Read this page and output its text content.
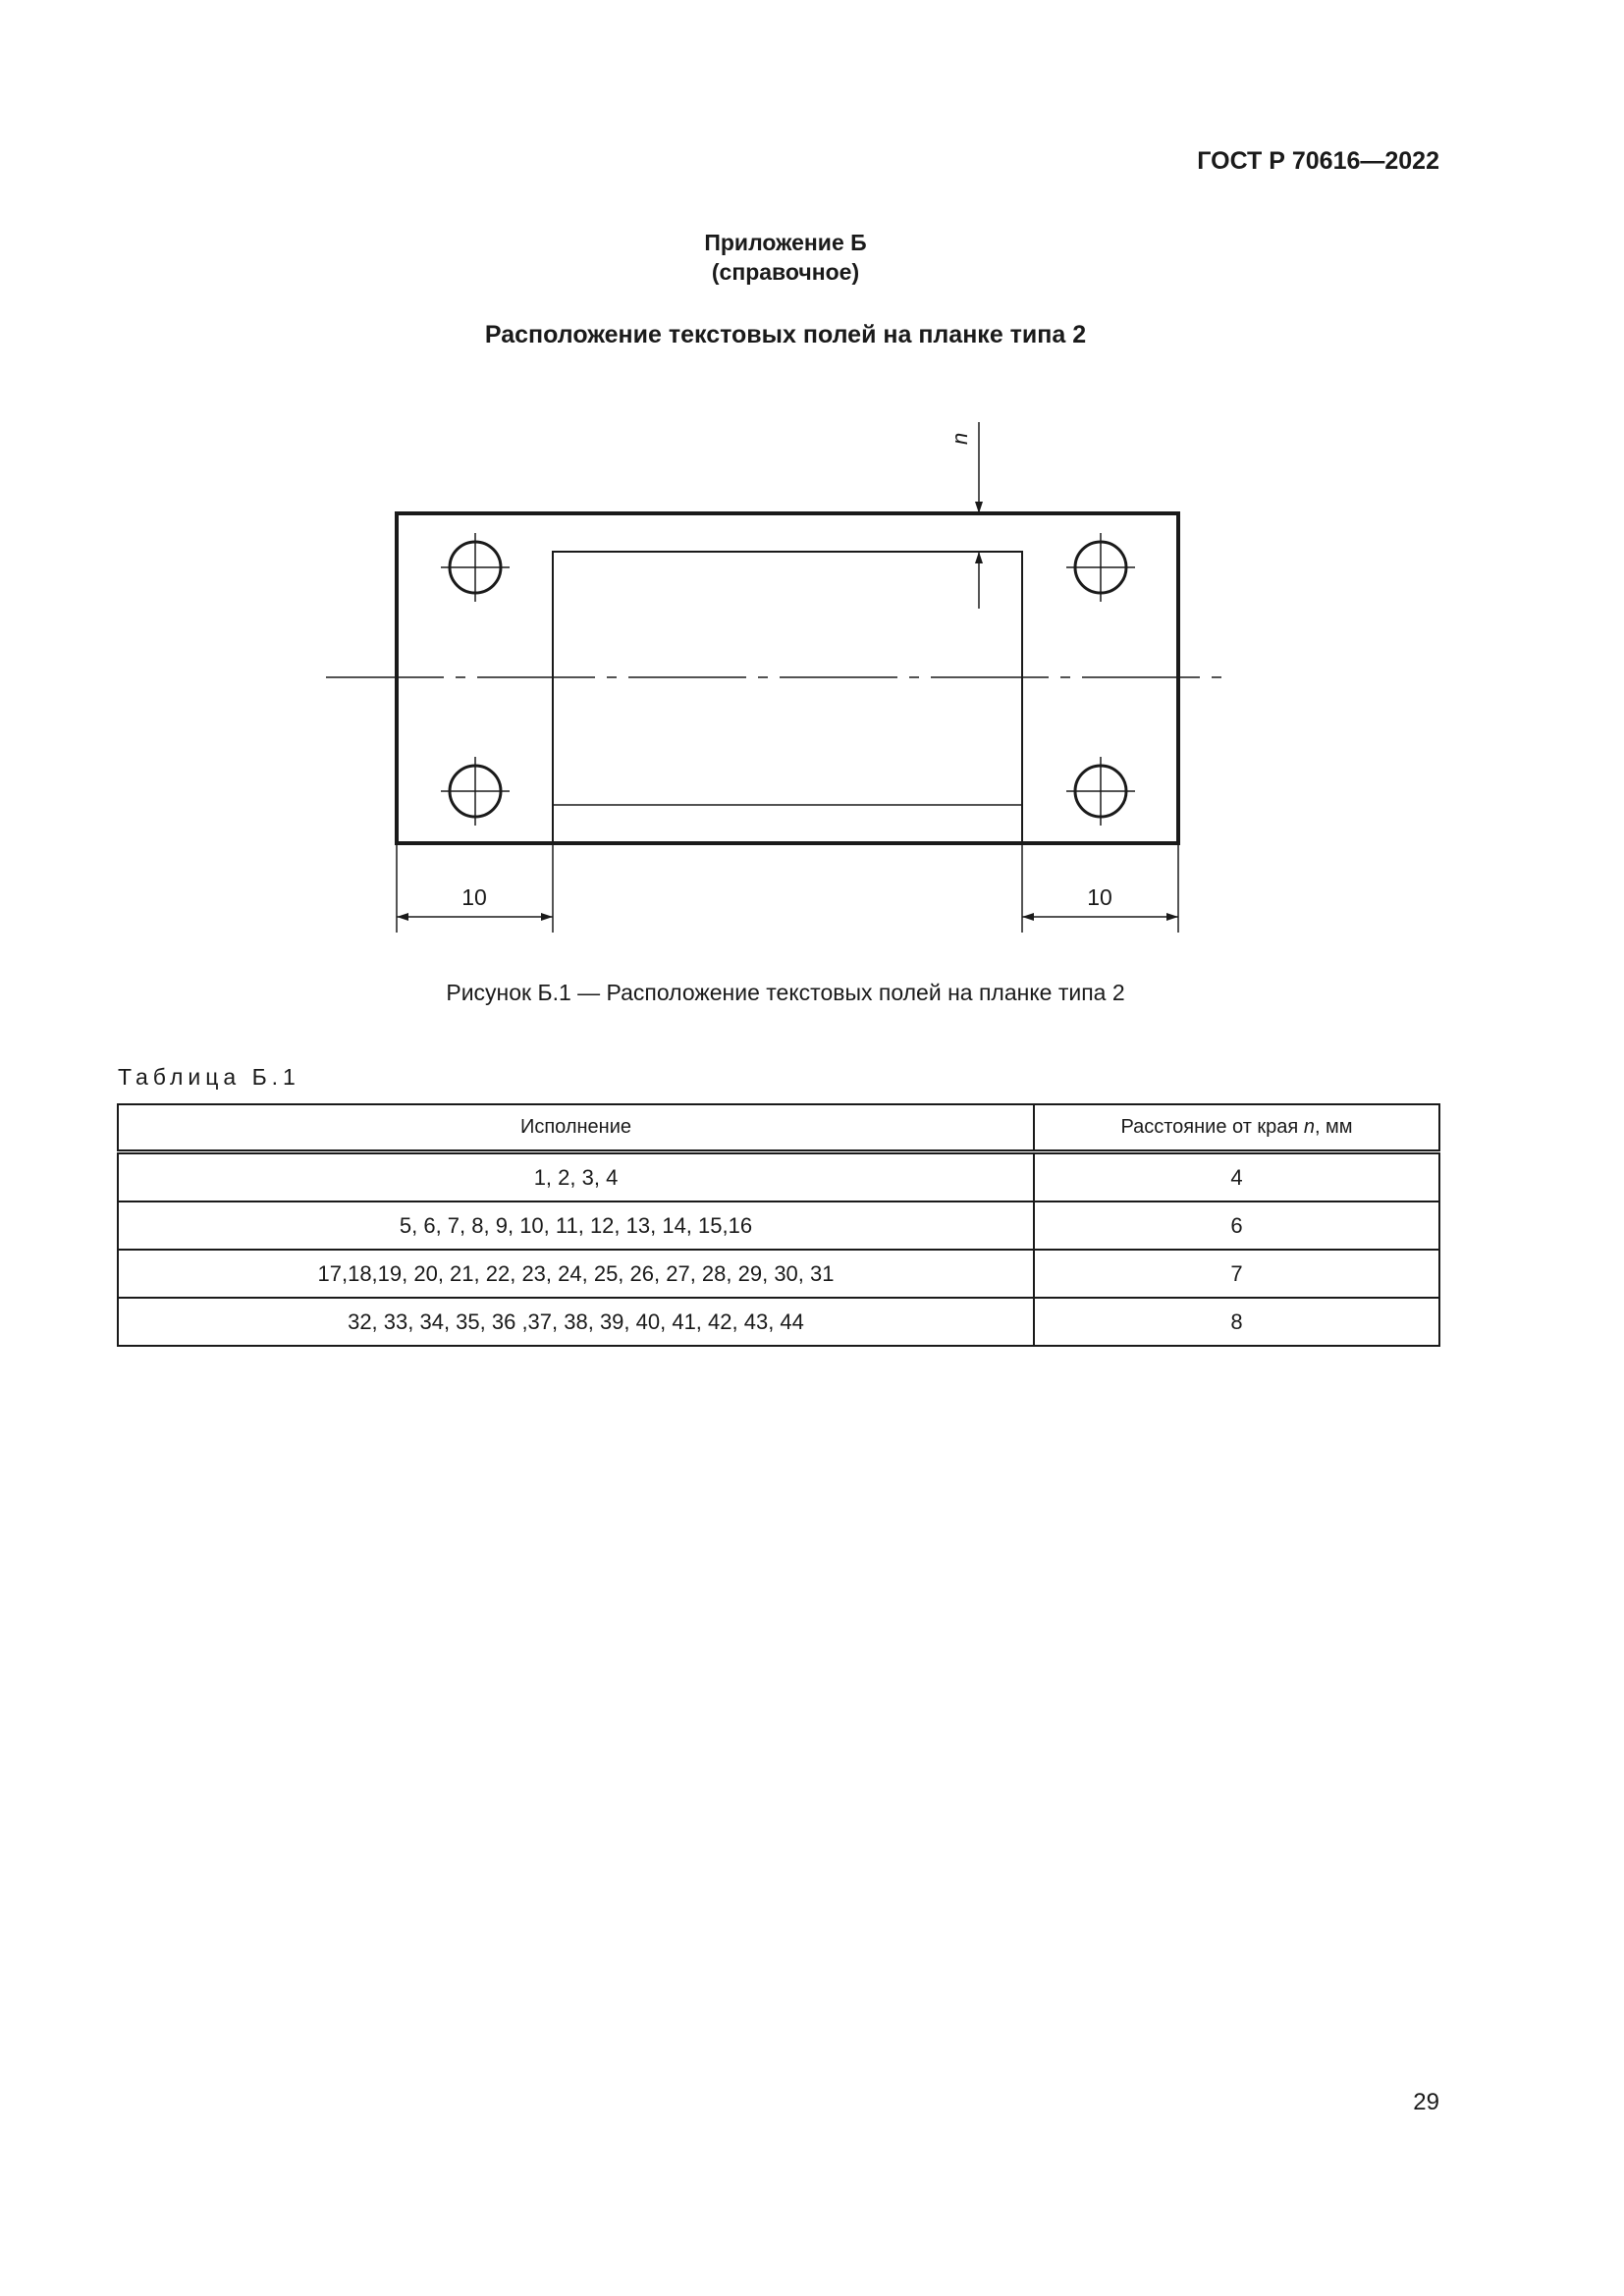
ГОСТ Р 70616—2022
Приложение Б
(справочное)
Расположение текстовых полей на планке типа 2
n
10	10
Рисунок Б.1 — Расположение текстовых полей на планке типа 2
Таблица Б.1
Исполнение	Расстояние от края n, мм
1, 2, 3, 4	4
5, 6, 7, 8, 9, 10, 11, 12, 13, 14, 15,16	6
17,18,19, 20, 21, 22, 23, 24, 25, 26, 27, 28, 29, 30, 31	7
32, 33, 34, 35, 36 ,37, 38, 39, 40, 41, 42, 43, 44	8
29
